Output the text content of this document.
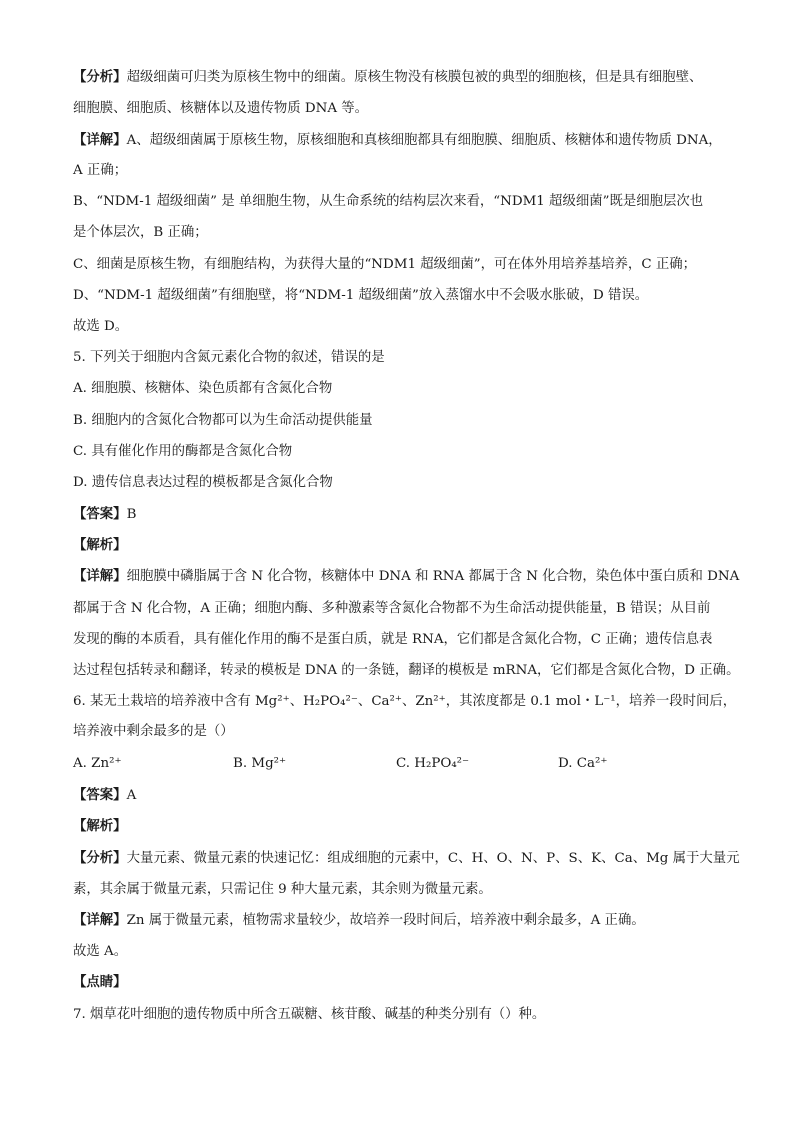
【分析】超级细菌可归类为原核生物中的细菌。原核生物没有核膜包被的典型的细胞核，但是具有细胞壁、
细胞膜、细胞质、核糖体以及遗传物质 DNA 等。
【详解】A、超级细菌属于原核生物，原核细胞和真核细胞都具有细胞膜、细胞质、核糖体和遗传物质 DNA，
A 正确；
B、“NDM-1 超级细菌” 是 单细胞生物，从生命系统的结构层次来看，“NDM1 超级细菌”既是细胞层次也
是个体层次，B 正确；
C、细菌是原核生物，有细胞结构，为获得大量的“NDM1 超级细菌”，可在体外用培养基培养，C 正确；
D、“NDM-1 超级细菌”有细胞壁，将“NDM-1 超级细菌”放入蒸馏水中不会吸水胀破，D 错误。
故选 D。
5. 下列关于细胞内含氮元素化合物的叙述，错误的是
A. 细胞膜、核糖体、染色质都有含氮化合物
B. 细胞内的含氮化合物都可以为生命活动提供能量
C. 具有催化作用的酶都是含氮化合物
D. 遗传信息表达过程的模板都是含氮化合物
【答案】B
【解析】
【详解】细胞膜中磷脂属于含 N 化合物，核糖体中 DNA 和 RNA 都属于含 N 化合物，染色体中蛋白质和 DNA
都属于含 N 化合物，A 正确；细胞内酶、多种激素等含氮化合物都不为生命活动提供能量，B 错误；从目前
发现的酶的本质看，具有催化作用的酶不是蛋白质，就是 RNA，它们都是含氮化合物，C 正确；遗传信息表
达过程包括转录和翻译，转录的模板是 DNA 的一条链，翻译的模板是 mRNA，它们都是含氮化合物，D 正确。
6. 某无土栽培的培养液中含有 Mg²⁺、H₂PO₄²⁻、Ca²⁺、Zn²⁺，其浓度都是 0.1 mol・L⁻¹，培养一段时间后，
培养液中剩余最多的是（）
A. Zn²⁺	B. Mg²⁺	C. H₂PO₄²⁻	D. Ca²⁺
【答案】A
【解析】
【分析】大量元素、微量元素的快速记忆：组成细胞的元素中，C、H、O、N、P、S、K、Ca、Mg 属于大量元
素，其余属于微量元素，只需记住 9 种大量元素，其余则为微量元素。
【详解】Zn 属于微量元素，植物需求量较少，故培养一段时间后，培养液中剩余最多，A 正确。
故选 A。
【点睛】
7. 烟草花叶细胞的遗传物质中所含五碳糖、核苷酸、碱基的种类分别有（）种。
